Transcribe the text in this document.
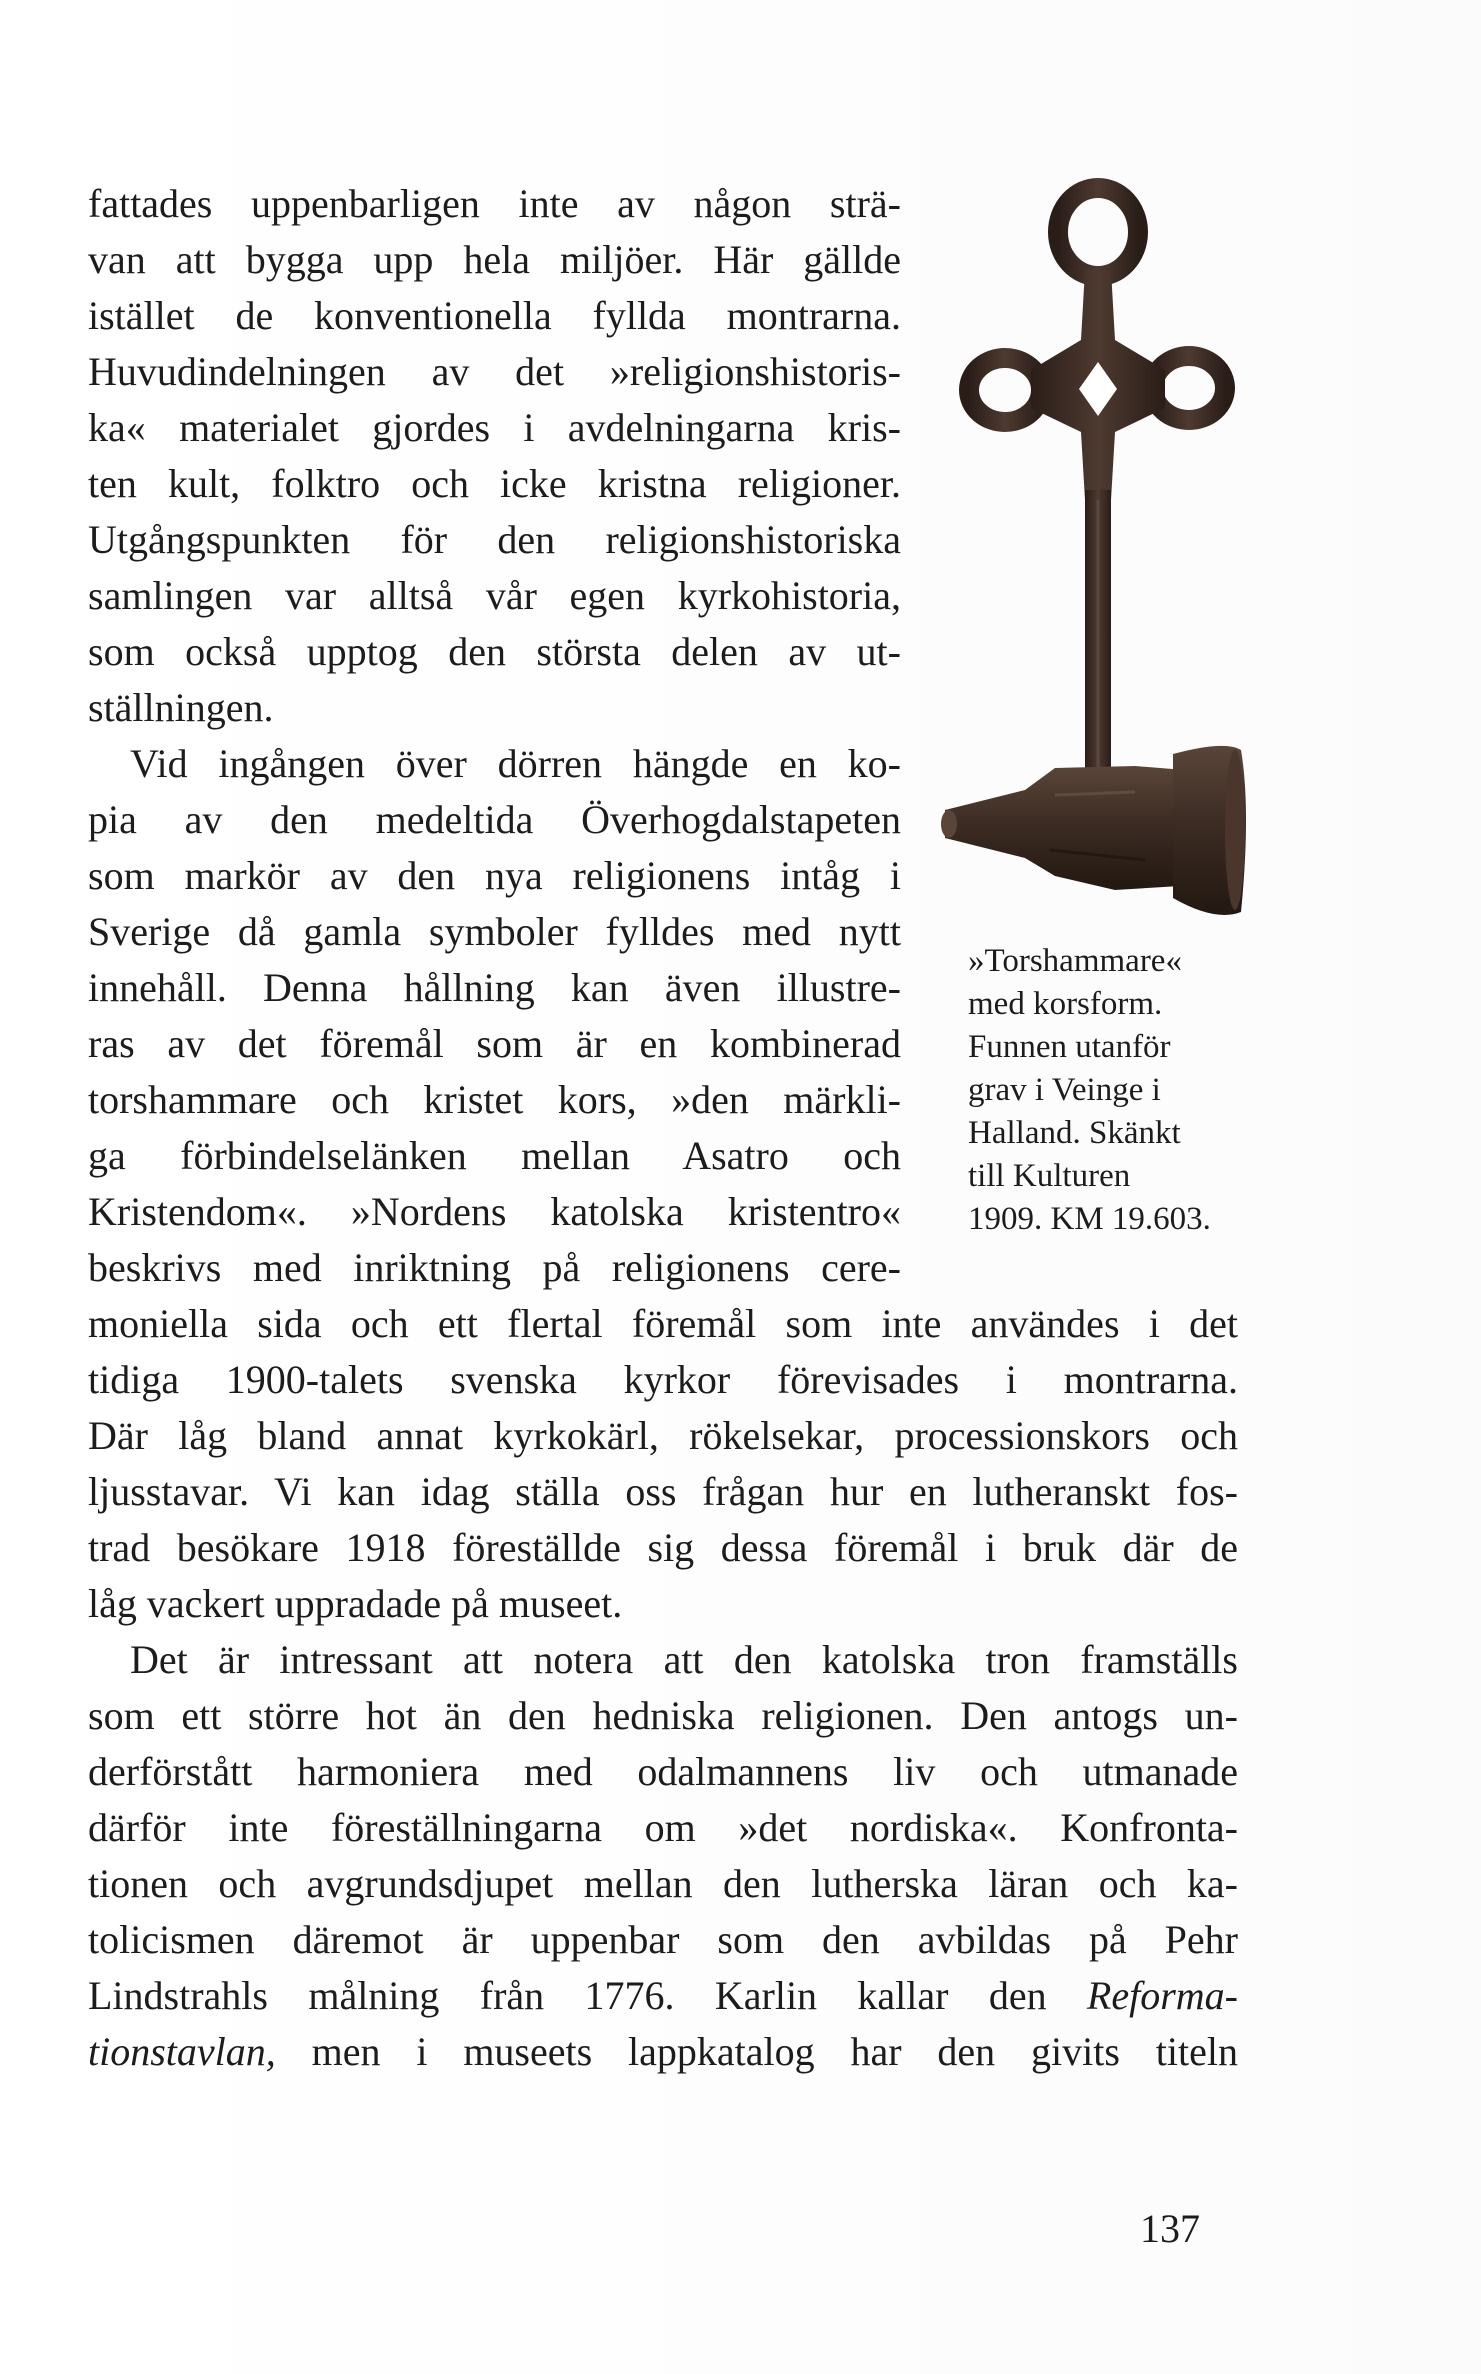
fattades uppenbarligen inte av någon strä-
van att bygga upp hela miljöer. Här gällde
istället de konventionella fyllda montrarna.
Huvudindelningen av det »religionshistoris-
ka« materialet gjordes i avdelningarna kris-
ten kult, folktro och icke kristna religioner.
Utgångspunkten för den religionshistoriska
samlingen var alltså vår egen kyrkohistoria,
som också upptog den största delen av ut-
ställningen.
Vid ingången över dörren hängde en ko-
pia av den medeltida Överhogdalstapeten
som markör av den nya religionens intåg i
Sverige då gamla symboler fylldes med nytt
innehåll. Denna hållning kan även illustre-
ras av det föremål som är en kombinerad
torshammare och kristet kors, »den märkli-
ga förbindelselänken mellan Asatro och
Kristendom«. »Nordens katolska kristentro«
beskrivs med inriktning på religionens cere-
moniella sida och ett flertal föremål som inte användes i det
tidiga 1900-talets svenska kyrkor förevisades i montrarna.
Där låg bland annat kyrkokärl, rökelsekar, processionskors och
ljusstavar. Vi kan idag ställa oss frågan hur en lutheranskt fos-
trad besökare 1918 föreställde sig dessa föremål i bruk där de
låg vackert uppradade på museet.
Det är intressant att notera att den katolska tron framställs
som ett större hot än den hedniska religionen. Den antogs un-
derförstått harmoniera med odalmannens liv och utmanade
därför inte föreställningarna om »det nordiska«. Konfronta-
tionen och avgrundsdjupet mellan den lutherska läran och ka-
tolicismen däremot är uppenbar som den avbildas på Pehr
Lindstrahls målning från 1776. Karlin kallar den Reforma-
tionstavlan, men i museets lappkatalog har den givits titeln
»Torshammare«
med korsform.
Funnen utanför
grav i Veinge i
Halland. Skänkt
till Kulturen
1909. KM 19.603.
137
